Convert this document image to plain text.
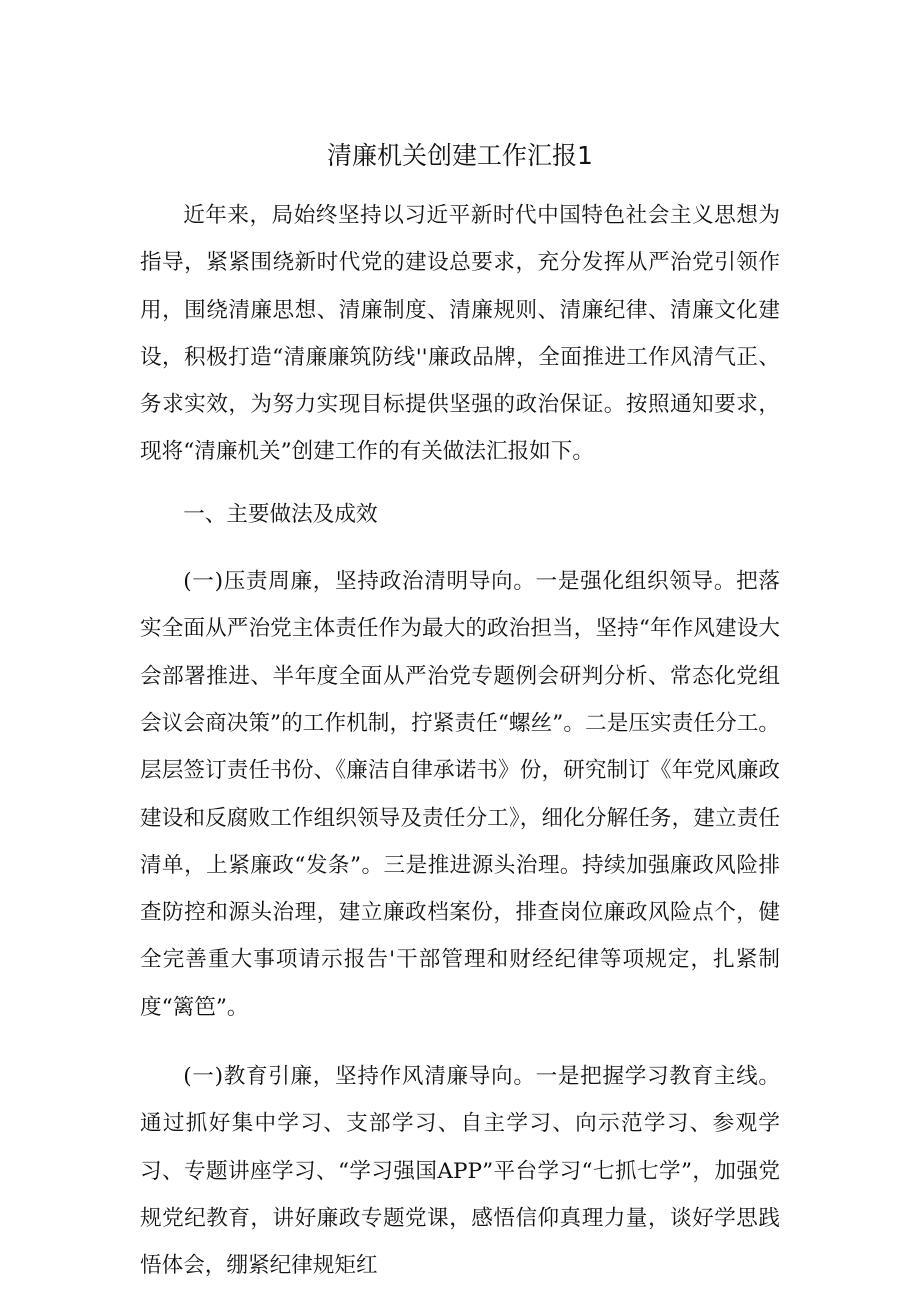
清廉机关创建工作汇报1

近年来，局始终坚持以习近平新时代中国特色社会主义思想为指导，紧紧围绕新时代党的建设总要求，充分发挥从严治党引领作用，围绕清廉思想、清廉制度、清廉规则、清廉纪律、清廉文化建设，积极打造“清廉廉筑防线''廉政品牌，全面推进工作风清气正、务求实效，为努力实现目标提供坚强的政治保证。按照通知要求，现将“清廉机关”创建工作的有关做法汇报如下。

一、主要做法及成效

(一)压责周廉，坚持政治清明导向。一是强化组织领导。把落实全面从严治党主体责任作为最大的政治担当，坚持“年作风建设大会部署推进、半年度全面从严治党专题例会研判分析、常态化党组会议会商决策”的工作机制，拧紧责任“螺丝”。二是压实责任分工。层层签订责任书份、《廉洁自律承诺书》份，研究制订《年党风廉政建设和反腐败工作组织领导及责任分工》，细化分解任务，建立责任清单，上紧廉政“发条”。三是推进源头治理。持续加强廉政风险排查防控和源头治理，建立廉政档案份，排查岗位廉政风险点个，健全完善重大事项请示报告'干部管理和财经纪律等项规定，扎紧制度“篱笆”。

(一)教育引廉，坚持作风清廉导向。一是把握学习教育主线。通过抓好集中学习、支部学习、自主学习、向示范学习、参观学习、专题讲座学习、“学习强国APP”平台学习“七抓七学”，加强党规党纪教育，讲好廉政专题党课，感悟信仰真理力量，谈好学思践悟体会，绷紧纪律规矩红
